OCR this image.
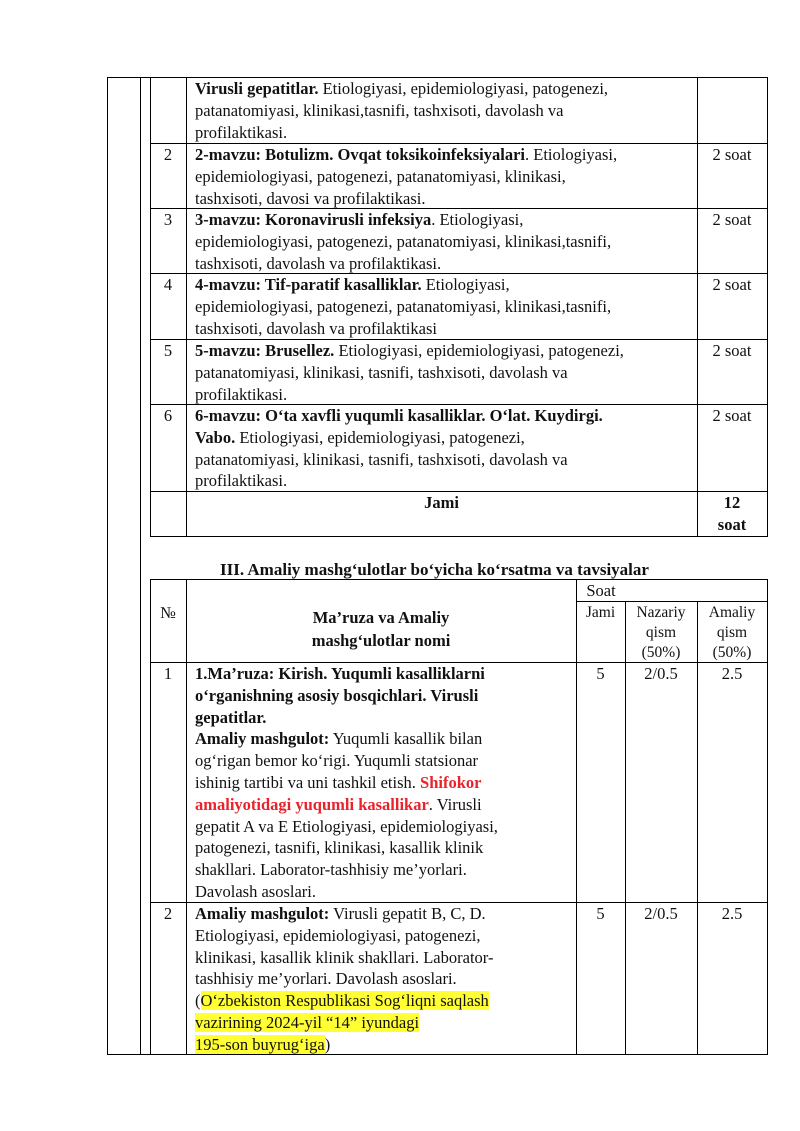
Virusli gepatitlar. Etiologiyasi, epidemiologiyasi, patogenezi,
patanatomiyasi, klinikasi,tasnifi, tashxisoti, davolash va
profilaktikasi.
2	2-mavzu: Botulizm. Ovqat toksikoinfeksiyalari. Etiologiyasi,
epidemiologiyasi, patogenezi, patanatomiyasi, klinikasi,
tashxisoti, davosi va profilaktikasi.
2 soat
3	3-mavzu: Koronavirusli infeksiya. Etiologiyasi,
epidemiologiyasi, patogenezi, patanatomiyasi, klinikasi,tasnifi,
tashxisoti, davolash va profilaktikasi.
2 soat
4	4-mavzu: Tif-paratif kasalliklar. Etiologiyasi,
epidemiologiyasi, patogenezi, patanatomiyasi, klinikasi,tasnifi,
tashxisoti, davolash va profilaktikasi
2 soat
5	5-mavzu: Brusellez. Etiologiyasi, epidemiologiyasi, patogenezi,
patanatomiyasi, klinikasi, tasnifi, tashxisoti, davolash va
profilaktikasi.
2 soat
6	6-mavzu: O‘ta xavfli yuqumli kasalliklar. O‘lat. Kuydirgi.
Vabo. Etiologiyasi, epidemiologiyasi, patogenezi,
patanatomiyasi, klinikasi, tasnifi, tashxisoti, davolash va
profilaktikasi.
2 soat
Jami	12
soat
III. Amaliy mashg‘ulotlar bo‘yicha ko‘rsatma va tavsiyalar
№	Ma’ruza va Amaliy
mashg‘ulotlar nomi
Soat
Jami	Nazariy
qism
(50%)
Amaliy
qism
(50%)
1	1.Ma’ruza: Kirish. Yuqumli kasalliklarni
o‘rganishning asosiy bosqichlari. Virusli
gepatitlar.
Amaliy mashgulot: Yuqumli kasallik bilan
og‘rigan bemor ko‘rigi. Yuqumli statsionar
ishinig tartibi va uni tashkil etish. Shifokor
amaliyotidagi yuqumli kasallikar. Virusli
gepatit A va E Etiologiyasi, epidemiologiyasi,
patogenezi, tasnifi, klinikasi, kasallik klinik
shakllari. Laborator-tashhisiy me’yorlari.
Davolash asoslari.
5	2/0.5	2.5
2	Amaliy mashgulot: Virusli gepatit B, C, D.
Etiologiyasi, epidemiologiyasi, patogenezi,
klinikasi, kasallik klinik shakllari. Laborator-
tashhisiy me’yorlari. Davolash asoslari.
(O‘zbekiston Respublikasi Sog‘liqni saqlash
vazirining 2024-yil “14” iyundagi
195-son buyrug‘iga)
5	2/0.5	2.5
